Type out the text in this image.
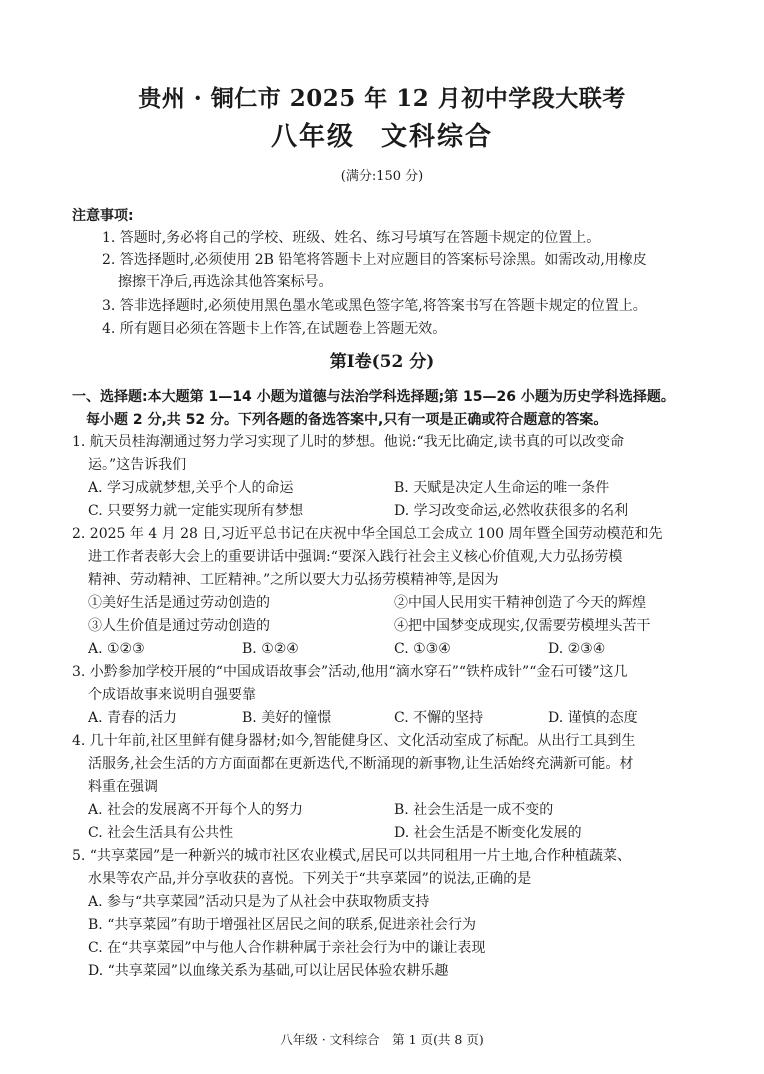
贵州 · 铜仁市 2025 年 12 月初中学段大联考
八年级 文科综合
(满分:150 分)
注意事项:
1. 答题时,务必将自己的学校、班级、姓名、练习号填写在答题卡规定的位置上。
2. 答选择题时,必须使用 2B 铅笔将答题卡上对应题目的答案标号涂黑。如需改动,用橡皮
擦擦干净后,再选涂其他答案标号。
3. 答非选择题时,必须使用黑色墨水笔或黑色签字笔,将答案书写在答题卡规定的位置上。
4. 所有题目必须在答题卡上作答,在试题卷上答题无效。
第Ⅰ卷(52 分)
一、选择题:本大题第 1—14 小题为道德与法治学科选择题;第 15—26 小题为历史学科选择题。
每小题 2 分,共 52 分。下列各题的备选答案中,只有一项是正确或符合题意的答案。
1. 航天员桂海潮通过努力学习实现了儿时的梦想。他说:“我无比确定,读书真的可以改变命
运。”这告诉我们
A. 学习成就梦想,关乎个人的命运	B. 天赋是决定人生命运的唯一条件
C. 只要努力就一定能实现所有梦想	D. 学习改变命运,必然收获很多的名利
2. 2025 年 4 月 28 日,习近平总书记在庆祝中华全国总工会成立 100 周年暨全国劳动模范和先
进工作者表彰大会上的重要讲话中强调:“要深入践行社会主义核心价值观,大力弘扬劳模
精神、劳动精神、工匠精神。”之所以要大力弘扬劳模精神等,是因为
①美好生活是通过劳动创造的	②中国人民用实干精神创造了今天的辉煌
③人生价值是通过劳动创造的	④把中国梦变成现实,仅需要劳模埋头苦干
A. ①②③	B. ①②④	C. ①③④	D. ②③④
3. 小黔参加学校开展的“中国成语故事会”活动,他用“滴水穿石”“铁杵成针”“金石可镂”这几
个成语故事来说明自强要靠
A. 青春的活力	B. 美好的憧憬	C. 不懈的坚持	D. 谨慎的态度
4. 几十年前,社区里鲜有健身器材;如今,智能健身区、文化活动室成了标配。从出行工具到生
活服务,社会生活的方方面面都在更新迭代,不断涌现的新事物,让生活始终充满新可能。材
料重在强调
A. 社会的发展离不开每个人的努力	B. 社会生活是一成不变的
C. 社会生活具有公共性	D. 社会生活是不断变化发展的
5. “共享菜园”是一种新兴的城市社区农业模式,居民可以共同租用一片土地,合作种植蔬菜、
水果等农产品,并分享收获的喜悦。下列关于“共享菜园”的说法,正确的是
A. 参与“共享菜园”活动只是为了从社会中获取物质支持
B. “共享菜园”有助于增强社区居民之间的联系,促进亲社会行为
C. 在“共享菜园”中与他人合作耕种属于亲社会行为中的谦让表现
D. “共享菜园”以血缘关系为基础,可以让居民体验农耕乐趣
八年级 · 文科综合　第 1 页(共 8 页)
